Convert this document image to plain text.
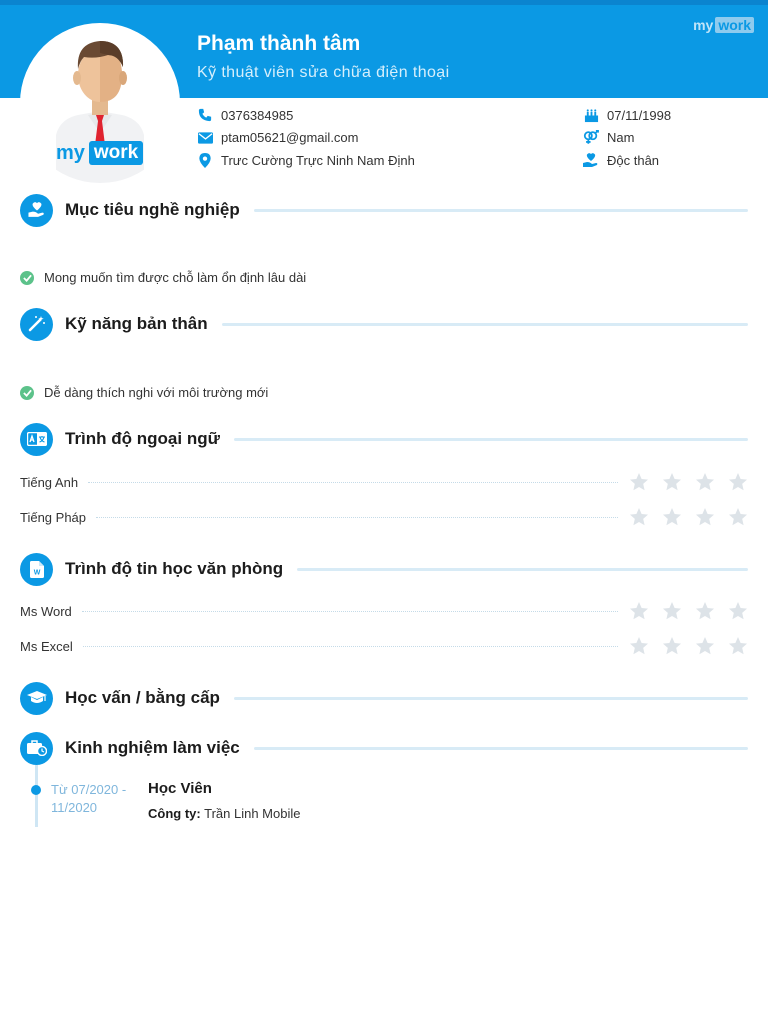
my work
Phạm thành tâm
Kỹ thuật viên sửa chữa điện thoại
my work
0376384985
ptam05621@gmail.com
Trưc Cường Trực Ninh Nam Định
07/11/1998
Nam
Độc thân
Mục tiêu nghề nghiệp
Mong muốn tìm được chỗ làm ổn định lâu dài
Kỹ năng bản thân
Dễ dàng thích nghi với môi trường mới
Trình độ ngoại ngữ
Tiếng Anh
Tiếng Pháp
W Trình độ tin học văn phòng
Ms Word
Ms Excel
Học vấn / bằng cấp
Kinh nghiệm làm việc
Từ 07/2020 - 11/2020
Học Viên
Công ty: Trần Linh Mobile
